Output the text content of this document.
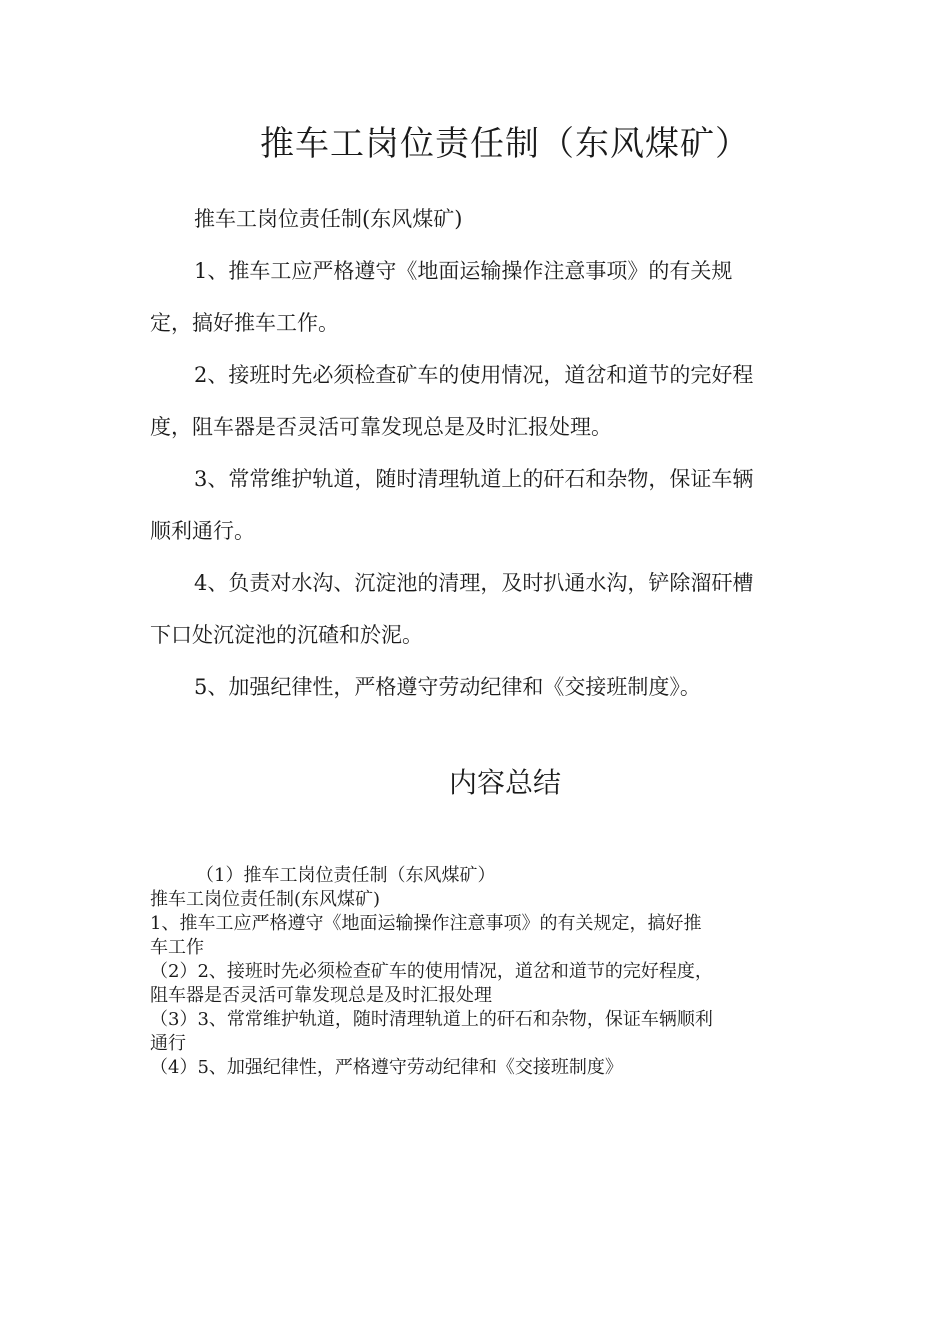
推车工岗位责任制（东风煤矿）

推车工岗位责任制(东风煤矿)

1、推车工应严格遵守《地面运输操作注意事项》的有关规
定，搞好推车工作。

2、接班时先必须检查矿车的使用情况，道岔和道节的完好程
度，阻车器是否灵活可靠发现总是及时汇报处理。

3、常常维护轨道，随时清理轨道上的矸石和杂物，保证车辆
顺利通行。

4、负责对水沟、沉淀池的清理，及时扒通水沟，铲除溜矸槽
下口处沉淀池的沉碴和於泥。

5、加强纪律性，严格遵守劳动纪律和《交接班制度》。

内容总结
（1）推车工岗位责任制（东风煤矿）
推车工岗位责任制(东风煤矿)
1、推车工应严格遵守《地面运输操作注意事项》的有关规定，搞好推
车工作
（2）2、接班时先必须检查矿车的使用情况，道岔和道节的完好程度，
阻车器是否灵活可靠发现总是及时汇报处理
（3）3、常常维护轨道，随时清理轨道上的矸石和杂物，保证车辆顺利
通行
（4）5、加强纪律性，严格遵守劳动纪律和《交接班制度》
